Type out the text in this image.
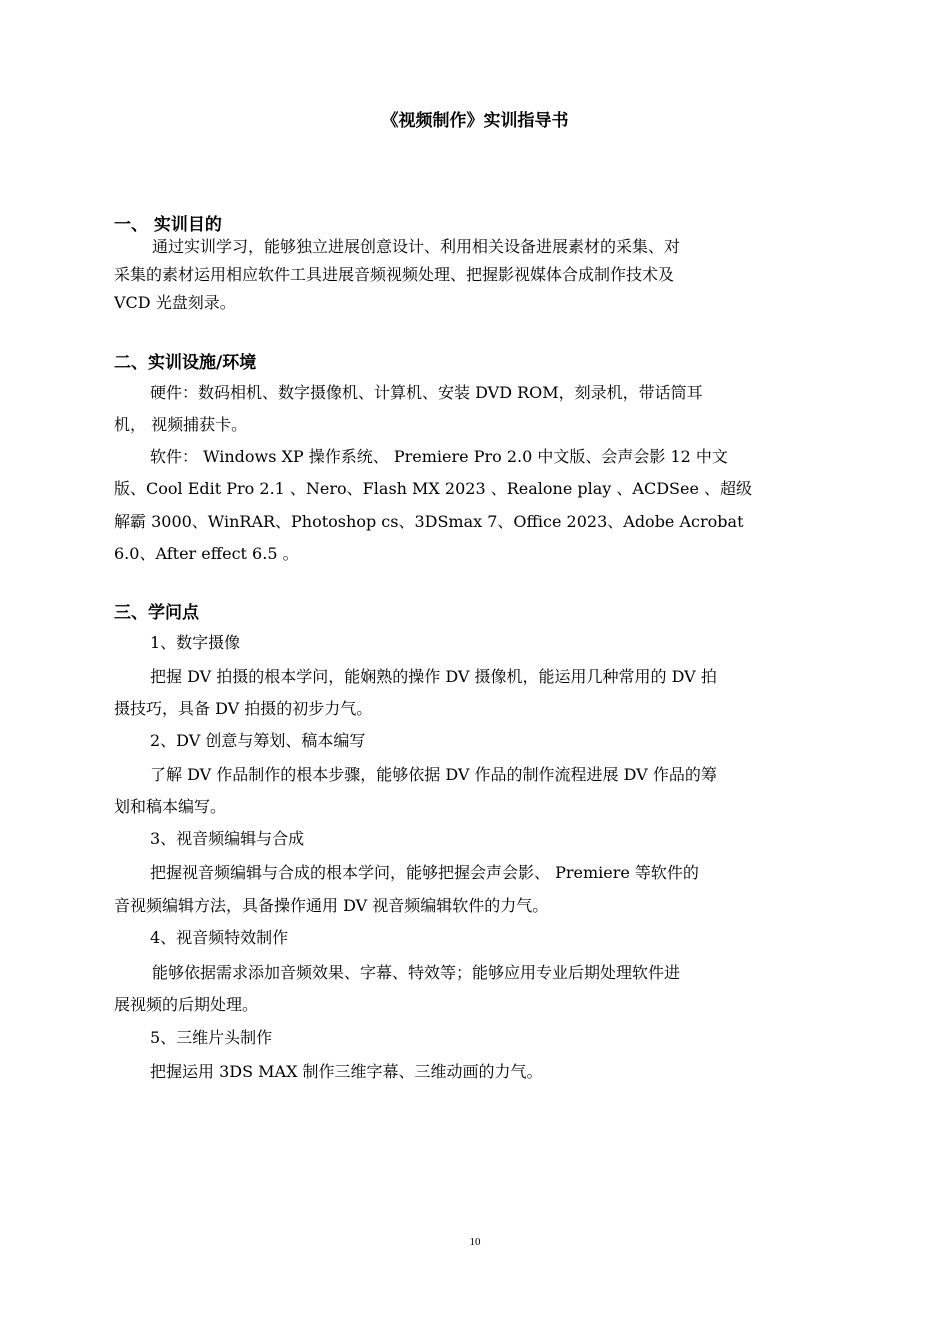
《视频制作》实训指导书
一、 实训目的
通过实训学习，能够独立进展创意设计、利用相关设备进展素材的采集、对
采集的素材运用相应软件工具进展音频视频处理、把握影视媒体合成制作技术及
VCD 光盘刻录。
二、实训设施/环境
硬件：数码相机、数字摄像机、计算机、安装 DVD ROM，刻录机，带话筒耳
机， 视频捕获卡。
软件： Windows XP 操作系统、 Premiere Pro 2.0 中文版、会声会影 12 中文
版、Cool Edit Pro 2.1 、Nero、Flash MX 2023 、Realone play 、ACDSee 、超级
解霸 3000、WinRAR、Photoshop cs、3DSmax 7、Office 2023、Adobe Acrobat
6.0、After effect 6.5 。
三、学问点
1、数字摄像
把握 DV 拍摄的根本学问，能娴熟的操作 DV 摄像机，能运用几种常用的 DV 拍
摄技巧，具备 DV 拍摄的初步力气。
2、DV 创意与筹划、稿本编写
了解 DV 作品制作的根本步骤，能够依据 DV 作品的制作流程进展 DV 作品的筹
划和稿本编写。
3、视音频编辑与合成
把握视音频编辑与合成的根本学问，能够把握会声会影、 Premiere 等软件的
音视频编辑方法，具备操作通用 DV 视音频编辑软件的力气。
4、视音频特效制作
能够依据需求添加音频效果、字幕、特效等；能够应用专业后期处理软件进
展视频的后期处理。
5、三维片头制作
把握运用 3DS MAX 制作三维字幕、三维动画的力气。
10
